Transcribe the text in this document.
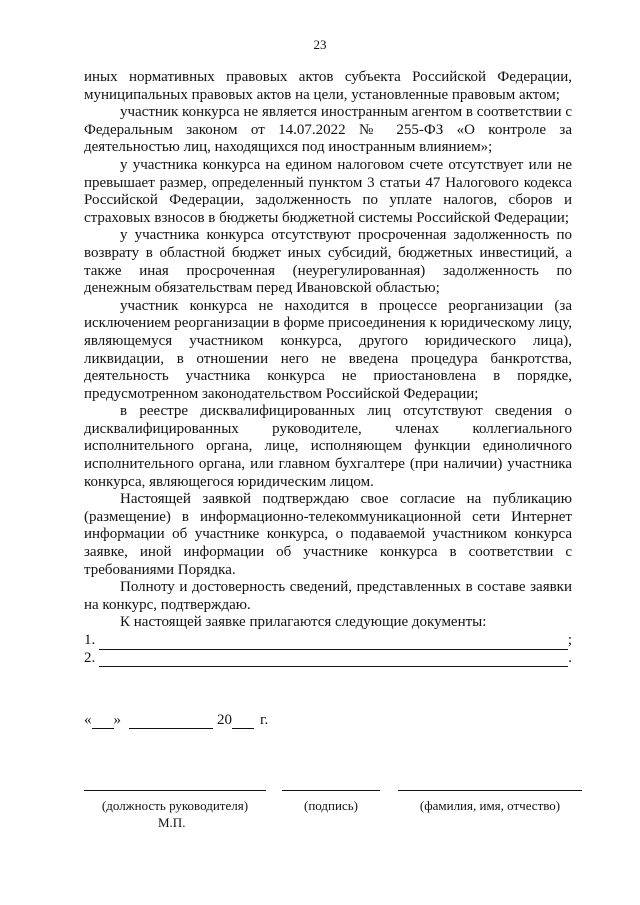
23

иных нормативных правовых актов субъекта Российской Федерации, муниципальных правовых актов на цели, установленные правовым актом;

участник конкурса не является иностранным агентом в соответствии с Федеральным законом от 14.07.2022 № 255-ФЗ «О контроле за деятельностью лиц, находящихся под иностранным влиянием»;

у участника конкурса на едином налоговом счете отсутствует или не превышает размер, определенный пунктом 3 статьи 47 Налогового кодекса Российской Федерации, задолженность по уплате налогов, сборов и страховых взносов в бюджеты бюджетной системы Российской Федерации;

у участника конкурса отсутствуют просроченная задолженность по возврату в областной бюджет иных субсидий, бюджетных инвестиций, а также иная просроченная (неурегулированная) задолженность по денежным обязательствам перед Ивановской областью;

участник конкурса не находится в процессе реорганизации (за исключением реорганизации в форме присоединения к юридическому лицу, являющемуся участником конкурса, другого юридического лица), ликвидации, в отношении него не введена процедура банкротства, деятельность участника конкурса не приостановлена в порядке, предусмотренном законодательством Российской Федерации;

в реестре дисквалифицированных лиц отсутствуют сведения о дисквалифицированных руководителе, членах коллегиального исполнительного органа, лице, исполняющем функции единоличного исполнительного органа, или главном бухгалтере (при наличии) участника конкурса, являющегося юридическим лицом.

Настоящей заявкой подтверждаю свое согласие на публикацию (размещение) в информационно-телекоммуникационной сети Интернет информации об участнике конкурса, о подаваемой участником конкурса заявке, иной информации об участнике конкурса в соответствии с требованиями Порядка.

Полноту и достоверность сведений, представленных в составе заявки на конкурс, подтверждаю.

К настоящей заявке прилагаются следующие документы:

1.	;
2.	.
« »	20 г.
(должность руководителя)	(подпись)	(фамилия, имя, отчество)
М.П.
